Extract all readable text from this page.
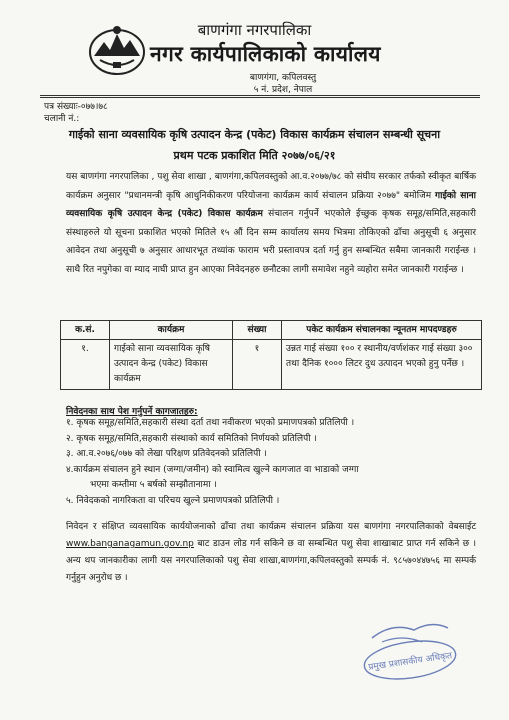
बाणगंगा नगरपालिका
नगर कार्यपालिकाको कार्यालय
बाणगंगा, कपिलवस्तु
५ नं. प्रदेश, नेपाल
पत्र संख्याः-०७७।७८
चलानी नं.:
गाईको साना व्यवसायिक कृषि उत्पादन केन्द्र (पकेट) विकास कार्यक्रम संचालन सम्बन्धी सूचना
प्रथम पटक प्रकाशित मिति २०७७/०६/२१
यस बाणगंगा नगरपालिका , पशु सेवा शाखा , बाणगंगा,कपिलवस्तुको आ.व.२०७७/७८ को संघीय सरकार तर्फको स्वीकृत बार्षिक कार्यक्रम अनुसार "प्रधानमन्त्री कृषि आधुनिकीकरण परियोजना कार्यक्रम कार्य संचालन प्रक्रिया २०७७" बमोजिम गाईको साना व्यवसायिक कृषि उत्पादन केन्द्र (पकेट) विकास कार्यक्रम संचालन गर्नुपर्ने भएकोले ईच्छुक कृषक समूह/समिति,सहकारी संस्थाहरुले यो सूचना प्रकाशित भएको मितिले १५ औं दिन सम्म कार्यालय समय भित्रमा तोकिएको ढाँचा अनुसूची ६ अनुसार आवेदन तथा अनुसूची ७ अनुसार आधारभूत तथ्यांक फाराम भरी प्रस्तावपत्र दर्ता गर्नु हुन सम्बन्धित सबैमा जानकारी गराईन्छ । साथै रित नपुगेका वा म्याद नाघी प्राप्त हुन आएका निवेदनहरु छनौटका लागी समावेश नहुने व्यहोरा समेत जानकारी गराईन्छ ।
क.सं.	कार्यक्रम	संख्या	पकेट कार्यक्रम संचालनका न्यूनतम मापदण्डहरु
१.	गाईको साना व्यवसायिक कृषि उत्पादन केन्द्र (पकेट) विकास कार्यक्रम	१	उन्नत गाई संख्या १०० र स्थानीय/वर्णशंकर गाई संख्या ३०० तथा दैनिक १००० लिटर दुध उत्पादन भएको हुनु पर्नेछ ।
निवेदनका साथ पेश गर्नुपर्ने कागजातहरु:
१. कृषक समूह/समिति,सहकारी संस्था दर्ता तथा नवीकरण भएको प्रमाणपत्रको प्रतिलिपी ।
२. कृषक समूह/समिति,सहकारी संस्थाको कार्य समितिको निर्णयको प्रतिलिपी ।
३. आ.व.२०७६/०७७ को लेखा परिक्षण प्रतिवेदनको प्रतिलिपी ।
४.कार्यक्रम संचालन हुने स्थान (जग्गा/जमीन) को स्वामित्व खुल्ने कागजात वा भाडाको जग्गा
भएमा कम्तीमा ५ बर्षको सम्झौतानामा ।
५. निवेदकको नागरिकता वा परिचय खुल्ने प्रमाणपत्रको प्रतिलिपी ।
निवेदन र संक्षिप्त व्यवसायिक कार्ययोजनाको ढाँचा तथा कार्यक्रम संचालन प्रक्रिया यस बाणगंगा नगरपालिकाको वेबसाईट www.banganagamun.gov.np बाट डाउन लोड गर्न सकिने छ वा सम्बन्धित पशु सेवा शाखाबाट प्राप्त गर्न सकिने छ । अन्य थप जानकारीका लागी यस नगरपालिकाको पशु सेवा शाखा,बाणगंगा,कपिलवस्तुको सम्पर्क नं. ९८५७०४४७५६ मा सम्पर्क गर्नुहुन अनुरोध छ ।
प्रमुख प्रशासकीय अधिकृत
